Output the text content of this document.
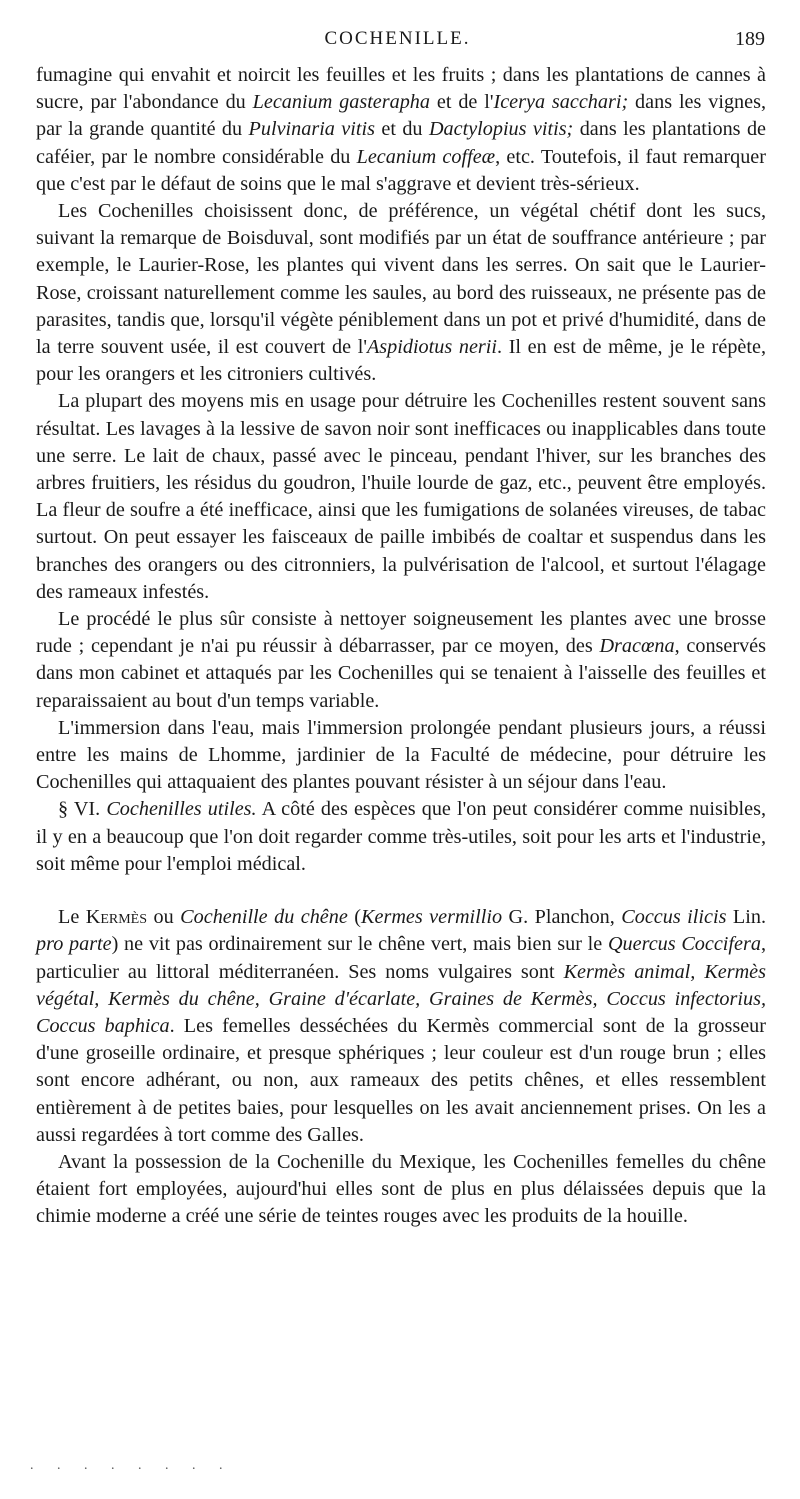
COCHENILLE.	189

fumagine qui envahit et noircit les feuilles et les fruits ; dans les plantations de cannes à sucre, par l'abondance du Lecanium gasterapha et de l'Icerya sacchari; dans les vignes, par la grande quantité du Pulvinaria vitis et du Dactylopius vitis; dans les plantations de caféier, par le nombre considérable du Lecanium coffeæ, etc. Toutefois, il faut remarquer que c'est par le défaut de soins que le mal s'aggrave et devient très-sérieux.

Les Cochenilles choisissent donc, de préférence, un végétal chétif dont les sucs, suivant la remarque de Boisduval, sont modifiés par un état de souffrance antérieure ; par exemple, le Laurier-Rose, les plantes qui vivent dans les serres. On sait que le Laurier-Rose, croissant naturellement comme les saules, au bord des ruisseaux, ne présente pas de parasites, tandis que, lorsqu'il végète péniblement dans un pot et privé d'humidité, dans de la terre souvent usée, il est couvert de l'Aspidiotus nerii. Il en est de même, je le répète, pour les orangers et les citroniers cultivés.

La plupart des moyens mis en usage pour détruire les Cochenilles restent souvent sans résultat. Les lavages à la lessive de savon noir sont inefficaces ou inapplicables dans toute une serre. Le lait de chaux, passé avec le pinceau, pendant l'hiver, sur les branches des arbres fruitiers, les résidus du goudron, l'huile lourde de gaz, etc., peuvent être employés. La fleur de soufre a été inefficace, ainsi que les fumigations de solanées vireuses, de tabac surtout. On peut essayer les faisceaux de paille imbibés de coaltar et suspendus dans les branches des orangers ou des citronniers, la pulvérisation de l'alcool, et surtout l'élagage des rameaux infestés.

Le procédé le plus sûr consiste à nettoyer soigneusement les plantes avec une brosse rude ; cependant je n'ai pu réussir à débarrasser, par ce moyen, des Dracœna, conservés dans mon cabinet et attaqués par les Cochenilles qui se tenaient à l'aisselle des feuilles et reparaissaient au bout d'un temps variable.

L'immersion dans l'eau, mais l'immersion prolongée pendant plusieurs jours, a réussi entre les mains de Lhomme, jardinier de la Faculté de médecine, pour détruire les Cochenilles qui attaquaient des plantes pouvant résister à un séjour dans l'eau.

§ VI. Cochenilles utiles. A côté des espèces que l'on peut considérer comme nuisibles, il y en a beaucoup que l'on doit regarder comme très-utiles, soit pour les arts et l'industrie, soit même pour l'emploi médical.

Le Kermès ou Cochenille du chêne (Kermes vermillio G. Planchon, Coccus ilicis Lin. pro parte) ne vit pas ordinairement sur le chêne vert, mais bien sur le Quercus Coccifera, particulier au littoral méditerranéen. Ses noms vulgaires sont Kermès animal, Kermès végétal, Kermès du chêne, Graine d'écarlate, Graines de Kermès, Coccus infectorius, Coccus baphica. Les femelles desséchées du Kermès commercial sont de la grosseur d'une groseille ordinaire, et presque sphériques ; leur couleur est d'un rouge brun ; elles sont encore adhérant, ou non, aux rameaux des petits chênes, et elles ressemblent entièrement à de petites baies, pour lesquelles on les avait anciennement prises. On les a aussi regardées à tort comme des Galles.

Avant la possession de la Cochenille du Mexique, les Cochenilles femelles du chêne étaient fort employées, aujourd'hui elles sont de plus en plus délaissées depuis que la chimie moderne a créé une série de teintes rouges avec les produits de la houille.

. . . . . . . .
